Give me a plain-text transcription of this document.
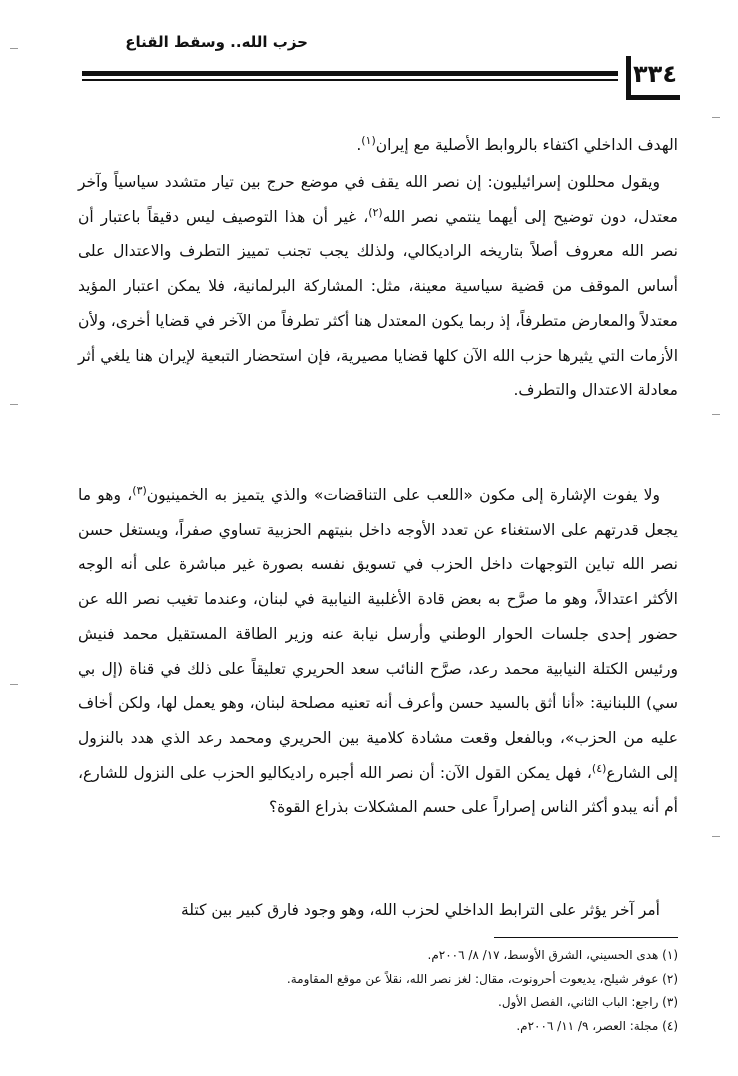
حزب الله.. وسقط القناع
٣٣٤

الهدف الداخلي اكتفاء بالروابط الأصلية مع إيران$^{(١)}$.

ويقول محللون إسرائيليون: إن نصر الله يقف في موضع حرج بين تيار متشدد سياسياً وآخر معتدل، دون توضيح إلى أيهما ينتمي نصر الله$^{(٢)}$، غير أن هذا التوصيف ليس دقيقاً باعتبار أن نصر الله معروف أصلاً بتاريخه الراديكالي، ولذلك يجب تجنب تمييز التطرف والاعتدال على أساس الموقف من قضية سياسية معينة، مثل: المشاركة البرلمانية، فلا يمكن اعتبار المؤيد معتدلاً والمعارض متطرفاً، إذ ربما يكون المعتدل هنا أكثر تطرفاً من الآخر في قضايا أخرى، ولأن الأزمات التي يثيرها حزب الله الآن كلها قضايا مصيرية، فإن استحضار التبعية لإيران هنا يلغي أثر معادلة الاعتدال والتطرف.

ولا يفوت الإشارة إلى مكون «اللعب على التناقضات» والذي يتميز به الخمينيون$^{(٣)}$، وهو ما يجعل قدرتهم على الاستغناء عن تعدد الأوجه داخل بنيتهم الحزبية تساوي صفراً، ويستغل حسن نصر الله تباين التوجهات داخل الحزب في تسويق نفسه بصورة غير مباشرة على أنه الوجه الأكثر اعتدالاً، وهو ما صرَّح به بعض قادة الأغلبية النيابية في لبنان، وعندما تغيب نصر الله عن حضور إحدى جلسات الحوار الوطني وأرسل نيابة عنه وزير الطاقة المستقيل محمد فنيش ورئيس الكتلة النيابية محمد رعد، صرَّح النائب سعد الحريري تعليقاً على ذلك في قناة (إل بي سي) اللبنانية: «أنا أثق بالسيد حسن وأعرف أنه تعنيه مصلحة لبنان، وهو يعمل لها، ولكن أخاف عليه من الحزب»، وبالفعل وقعت مشادة كلامية بين الحريري ومحمد رعد الذي هدد بالنزول إلى الشارع$^{(٤)}$، فهل يمكن القول الآن: أن نصر الله أجبره راديكاليو الحزب على النزول للشارع، أم أنه يبدو أكثر الناس إصراراً على حسم المشكلات بذراع القوة؟

أمر آخر يؤثر على الترابط الداخلي لحزب الله، وهو وجود فارق كبير بين كتلة

(١) هدى الحسيني، الشرق الأوسط، ١٧/ ٨/ ٢٠٠٦م.
(٢) عوفر شيلح، يديعوت أحرونوت، مقال: لغز نصر الله، نقلاً عن موقع المقاومة.
(٣) راجع: الباب الثاني، الفصل الأول.
(٤) مجلة: العصر، ٩/ ١١/ ٢٠٠٦م.
